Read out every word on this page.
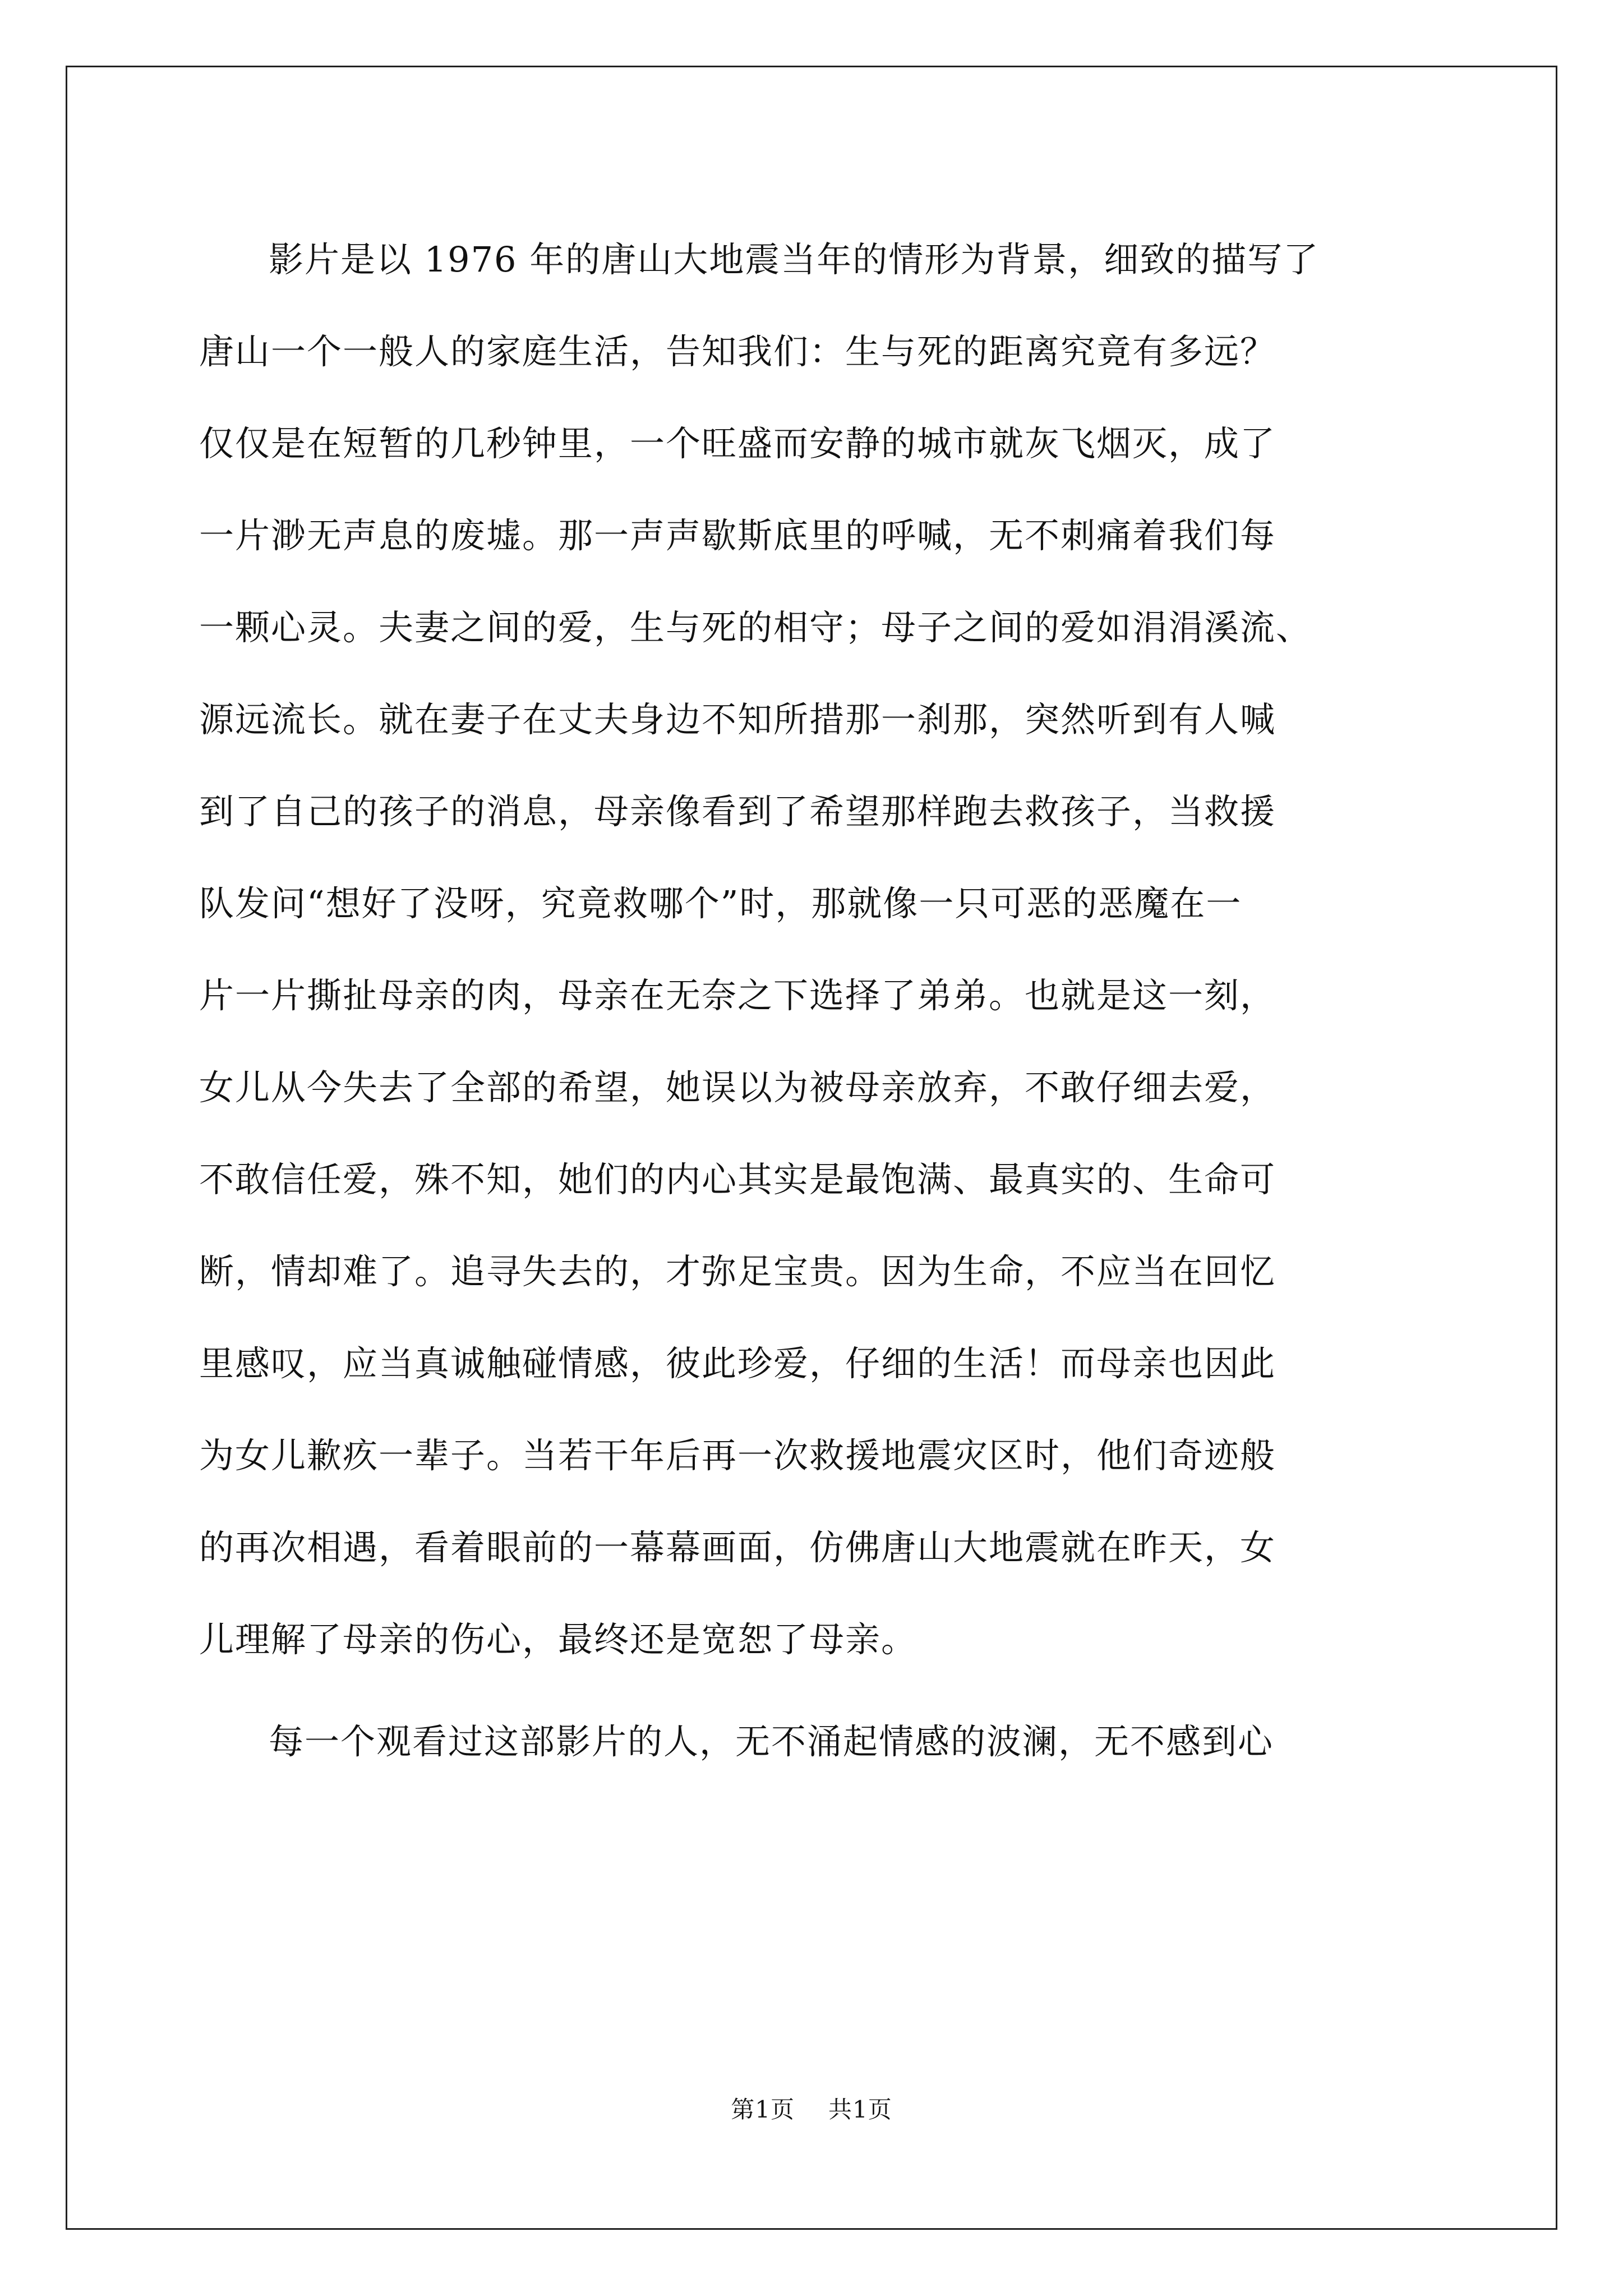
影片是以 1976 年的唐山大地震当年的情形为背景，细致的描写了
唐山一个一般人的家庭生活，告知我们：生与死的距离究竟有多远？
仅仅是在短暂的几秒钟里，一个旺盛而安静的城市就灰飞烟灭，成了
一片渺无声息的废墟。那一声声歇斯底里的呼喊，无不刺痛着我们每
一颗心灵。夫妻之间的爱，生与死的相守；母子之间的爱如涓涓溪流、
源远流长。就在妻子在丈夫身边不知所措那一刹那，突然听到有人喊
到了自己的孩子的消息，母亲像看到了希望那样跑去救孩子，当救援
队发问“想好了没呀，究竟救哪个”时，那就像一只可恶的恶魔在一
片一片撕扯母亲的肉，母亲在无奈之下选择了弟弟。也就是这一刻，
女儿从今失去了全部的希望，她误以为被母亲放弃，不敢仔细去爱，
不敢信任爱，殊不知，她们的内心其实是最饱满、最真实的、生命可
断，情却难了。追寻失去的，才弥足宝贵。因为生命，不应当在回忆
里感叹，应当真诚触碰情感，彼此珍爱，仔细的生活！而母亲也因此
为女儿歉疚一辈子。当若干年后再一次救援地震灾区时，他们奇迹般
的再次相遇，看着眼前的一幕幕画面，仿佛唐山大地震就在昨天，女
儿理解了母亲的伤心，最终还是宽恕了母亲。
每一个观看过这部影片的人，无不涌起情感的波澜，无不感到心
第1页 共1页
